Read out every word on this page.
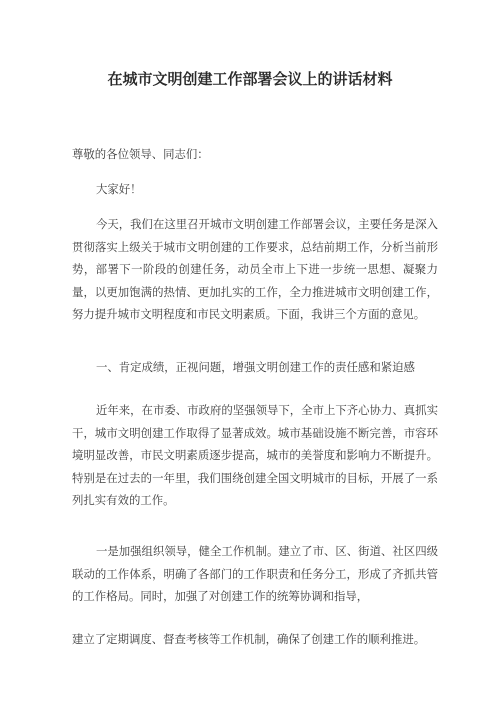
在城市文明创建工作部署会议上的讲话材料

尊敬的各位领导、同志们：

大家好！

今天，我们在这里召开城市文明创建工作部署会议，主要任务是深入贯彻落实上级关于城市文明创建的工作要求，总结前期工作，分析当前形势，部署下一阶段的创建任务，动员全市上下进一步统一思想、凝聚力量，以更加饱满的热情、更加扎实的工作，全力推进城市文明创建工作，努力提升城市文明程度和市民文明素质。下面，我讲三个方面的意见。

一、肯定成绩，正视问题，增强文明创建工作的责任感和紧迫感

近年来，在市委、市政府的坚强领导下，全市上下齐心协力、真抓实干，城市文明创建工作取得了显著成效。城市基础设施不断完善，市容环境明显改善，市民文明素质逐步提高，城市的美誉度和影响力不断提升。特别是在过去的一年里，我们围绕创建全国文明城市的目标，开展了一系列扎实有效的工作。

一是加强组织领导，健全工作机制。建立了市、区、街道、社区四级联动的工作体系，明确了各部门的工作职责和任务分工，形成了齐抓共管的工作格局。同时，加强了对创建工作的统筹协调和指导，

建立了定期调度、督查考核等工作机制，确保了创建工作的顺利推进。
